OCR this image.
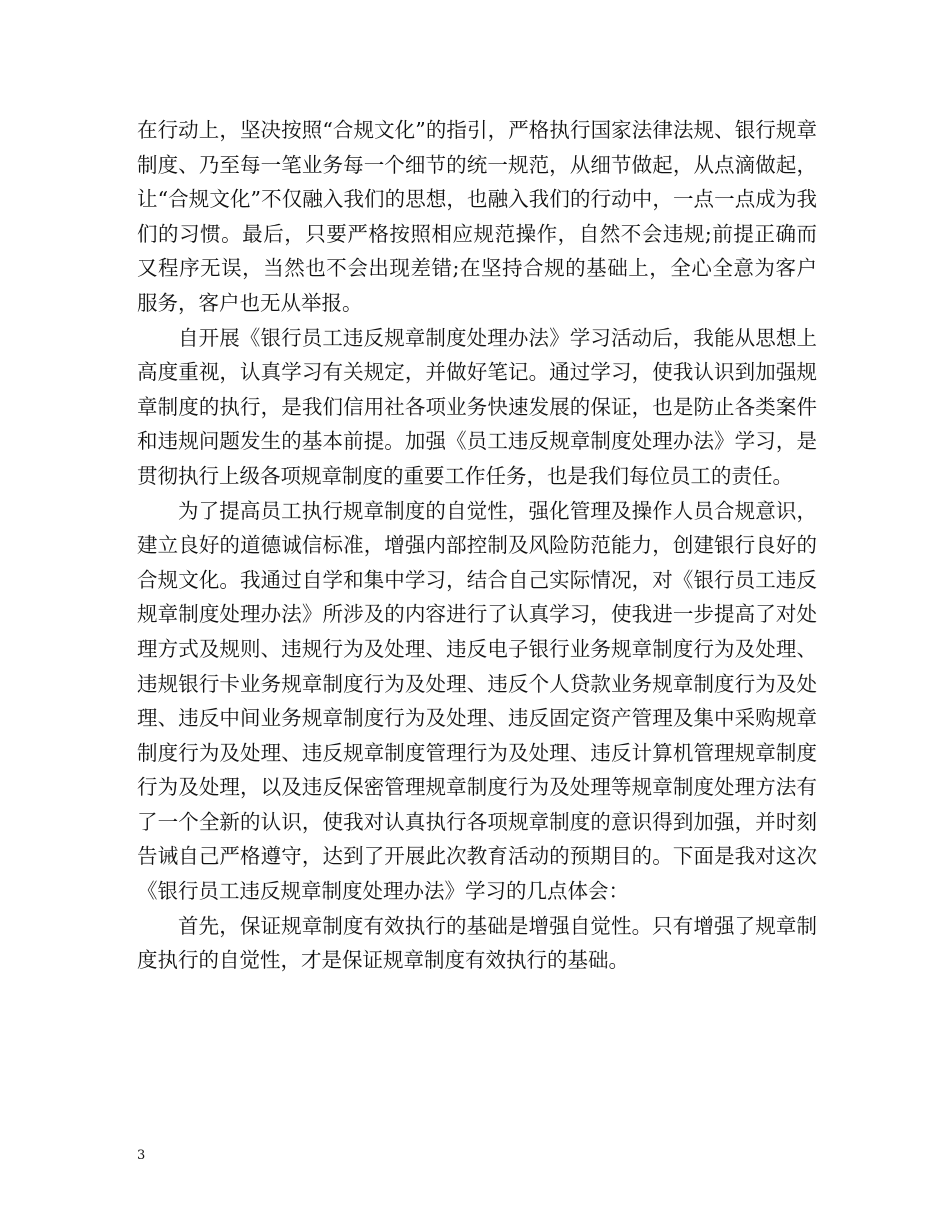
在行动上，坚决按照“合规文化”的指引，严格执行国家法律法规、银行规章制度、乃至每一笔业务每一个细节的统一规范，从细节做起，从点滴做起，让“合规文化”不仅融入我们的思想，也融入我们的行动中，一点一点成为我们的习惯。最后，只要严格按照相应规范操作，自然不会违规;前提正确而又程序无误，当然也不会出现差错;在坚持合规的基础上，全心全意为客户服务，客户也无从举报。

自开展《银行员工违反规章制度处理办法》学习活动后，我能从思想上高度重视，认真学习有关规定，并做好笔记。通过学习，使我认识到加强规章制度的执行，是我们信用社各项业务快速发展的保证，也是防止各类案件和违规问题发生的基本前提。加强《员工违反规章制度处理办法》学习，是贯彻执行上级各项规章制度的重要工作任务，也是我们每位员工的责任。

为了提高员工执行规章制度的自觉性，强化管理及操作人员合规意识，建立良好的道德诚信标准，增强内部控制及风险防范能力，创建银行良好的合规文化。我通过自学和集中学习，结合自己实际情况，对《银行员工违反规章制度处理办法》所涉及的内容进行了认真学习，使我进一步提高了对处理方式及规则、违规行为及处理、违反电子银行业务规章制度行为及处理、违规银行卡业务规章制度行为及处理、违反个人贷款业务规章制度行为及处理、违反中间业务规章制度行为及处理、违反固定资产管理及集中采购规章制度行为及处理、违反规章制度管理行为及处理、违反计算机管理规章制度行为及处理，以及违反保密管理规章制度行为及处理等规章制度处理方法有了一个全新的认识，使我对认真执行各项规章制度的意识得到加强，并时刻告诫自己严格遵守，达到了开展此次教育活动的预期目的。下面是我对这次《银行员工违反规章制度处理办法》学习的几点体会：

首先，保证规章制度有效执行的基础是增强自觉性。只有增强了规章制度执行的自觉性，才是保证规章制度有效执行的基础。

3
